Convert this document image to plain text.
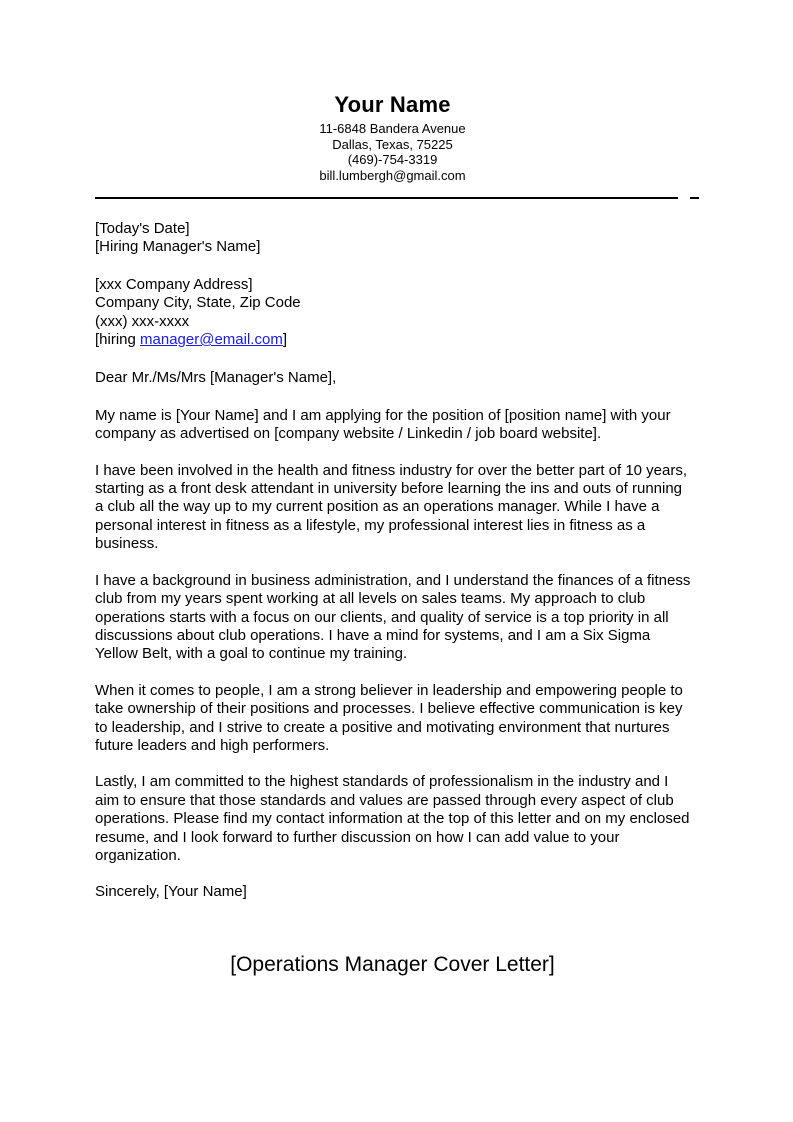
Your Name
11-6848 Bandera Avenue
Dallas, Texas, 75225
(469)-754-3319
bill.lumbergh@gmail.com
[Today's Date]
[Hiring Manager's Name]
[xxx Company Address]
Company City, State, Zip Code
(xxx) xxx-xxxx
[hiring manager@email.com]
Dear Mr./Ms/Mrs [Manager's Name],

My name is [Your Name] and I am applying for the position of [position name] with your company as advertised on [company website / Linkedin / job board website].

I have been involved in the health and fitness industry for over the better part of 10 years, starting as a front desk attendant in university before learning the ins and outs of running a club all the way up to my current position as an operations manager. While I have a personal interest in fitness as a lifestyle, my professional interest lies in fitness as a business.

I have a background in business administration, and I understand the finances of a fitness club from my years spent working at all levels on sales teams. My approach to club operations starts with a focus on our clients, and quality of service is a top priority in all discussions about club operations. I have a mind for systems, and I am a Six Sigma Yellow Belt, with a goal to continue my training.

When it comes to people, I am a strong believer in leadership and empowering people to take ownership of their positions and processes. I believe effective communication is key to leadership, and I strive to create a positive and motivating environment that nurtures future leaders and high performers.

Lastly, I am committed to the highest standards of professionalism in the industry and I aim to ensure that those standards and values are passed through every aspect of club operations. Please find my contact information at the top of this letter and on my enclosed resume, and I look forward to further discussion on how I can add value to your organization.

Sincerely, [Your Name]
[Operations Manager Cover Letter]
